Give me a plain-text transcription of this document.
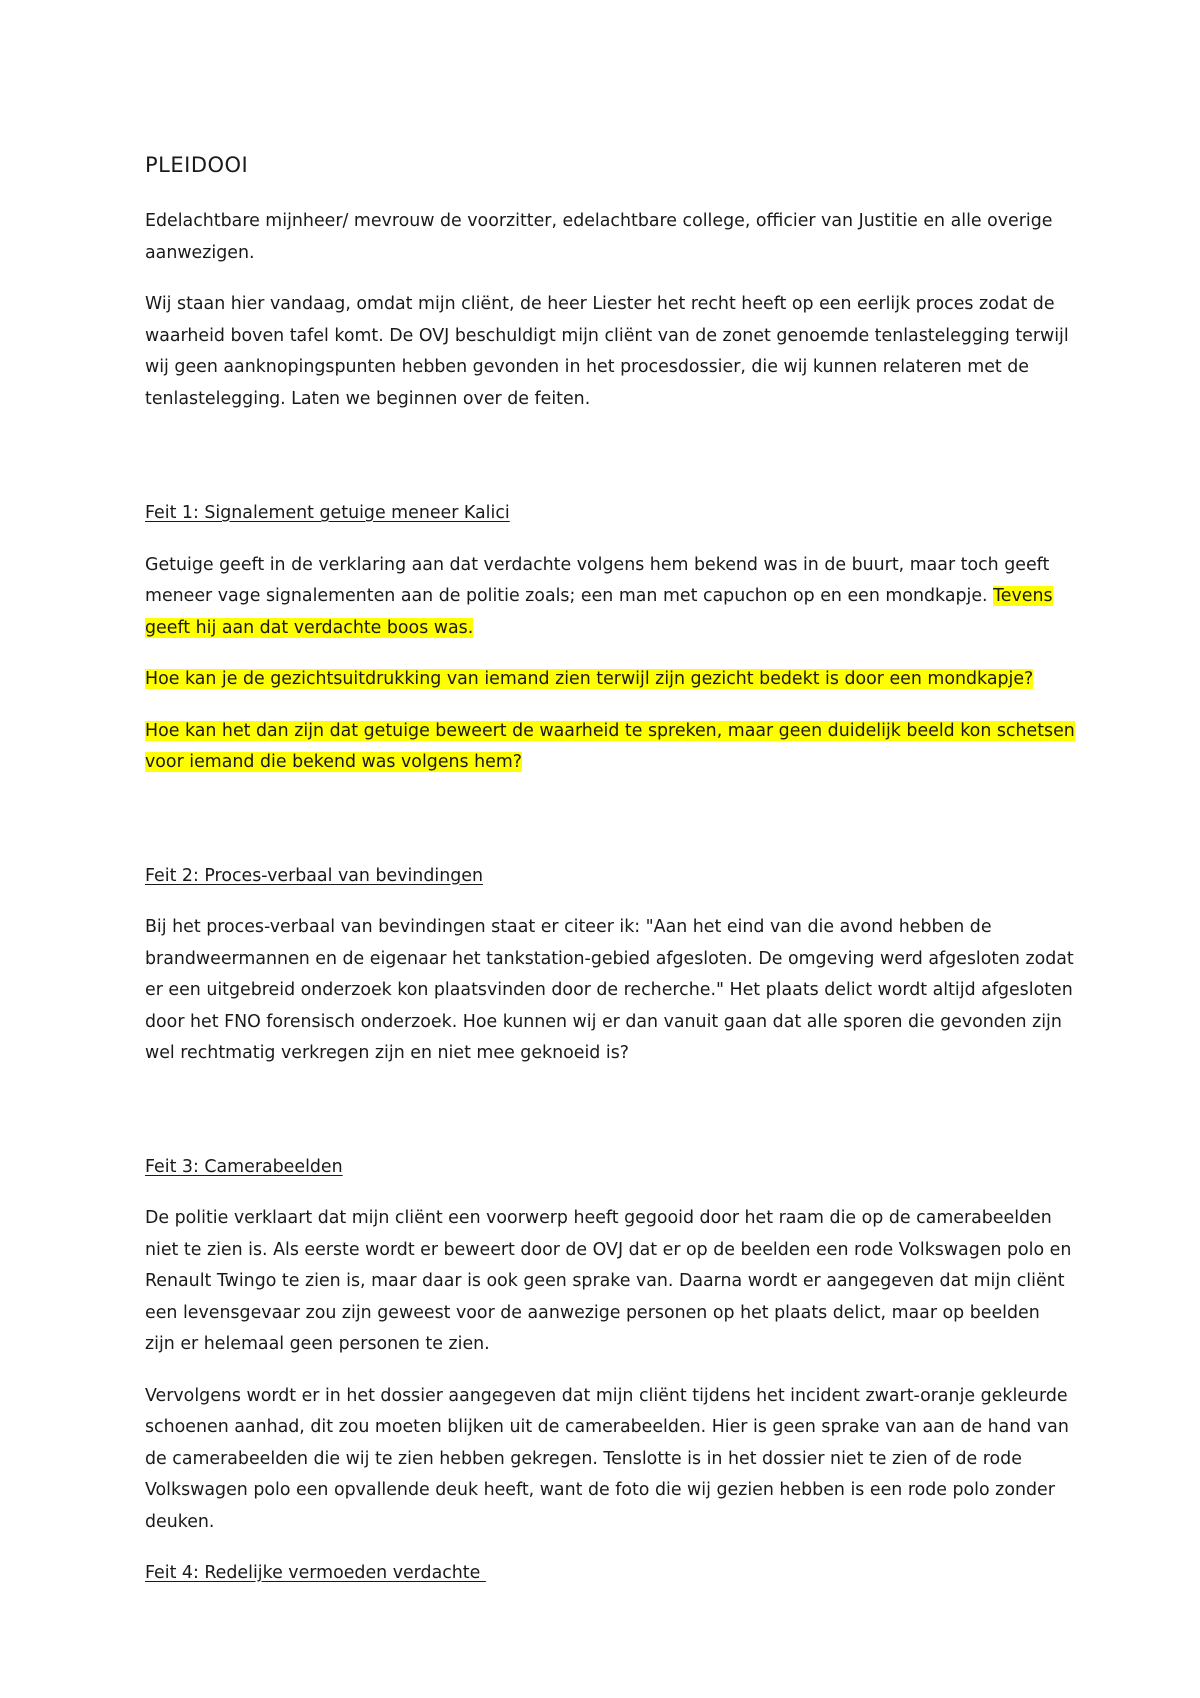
PLEIDOOI

Edelachtbare mijnheer/ mevrouw de voorzitter, edelachtbare college, officier van Justitie en alle overige aanwezigen.

Wij staan hier vandaag, omdat mijn cliënt, de heer Liester het recht heeft op een eerlijk proces zodat de waarheid boven tafel komt. De OVJ beschuldigt mijn cliënt van de zonet genoemde tenlastelegging terwijl wij geen aanknopingspunten hebben gevonden in het procesdossier, die wij kunnen relateren met de tenlastelegging. Laten we beginnen over de feiten.

Feit 1: Signalement getuige meneer Kalici

Getuige geeft in de verklaring aan dat verdachte volgens hem bekend was in de buurt, maar toch geeft meneer vage signalementen aan de politie zoals; een man met capuchon op en een mondkapje. Tevens geeft hij aan dat verdachte boos was.

Hoe kan je de gezichtsuitdrukking van iemand zien terwijl zijn gezicht bedekt is door een mondkapje?

Hoe kan het dan zijn dat getuige beweert de waarheid te spreken, maar geen duidelijk beeld kon schetsen voor iemand die bekend was volgens hem?

Feit 2: Proces-verbaal van bevindingen

Bij het proces-verbaal van bevindingen staat er citeer ik: "Aan het eind van die avond hebben de brandweermannen en de eigenaar het tankstation-gebied afgesloten. De omgeving werd afgesloten zodat er een uitgebreid onderzoek kon plaatsvinden door de recherche." Het plaats delict wordt altijd afgesloten door het FNO forensisch onderzoek. Hoe kunnen wij er dan vanuit gaan dat alle sporen die gevonden zijn wel rechtmatig verkregen zijn en niet mee geknoeid is?

Feit 3: Camerabeelden

De politie verklaart dat mijn cliënt een voorwerp heeft gegooid door het raam die op de camerabeelden niet te zien is. Als eerste wordt er beweert door de OVJ dat er op de beelden een rode Volkswagen polo en Renault Twingo te zien is, maar daar is ook geen sprake van. Daarna wordt er aangegeven dat mijn cliënt een levensgevaar zou zijn geweest voor de aanwezige personen op het plaats delict, maar op beelden zijn er helemaal geen personen te zien.

Vervolgens wordt er in het dossier aangegeven dat mijn cliënt tijdens het incident zwart-oranje gekleurde schoenen aanhad, dit zou moeten blijken uit de camerabeelden. Hier is geen sprake van aan de hand van de camerabeelden die wij te zien hebben gekregen. Tenslotte is in het dossier niet te zien of de rode Volkswagen polo een opvallende deuk heeft, want de foto die wij gezien hebben is een rode polo zonder deuken.

Feit 4: Redelijke vermoeden verdachte
